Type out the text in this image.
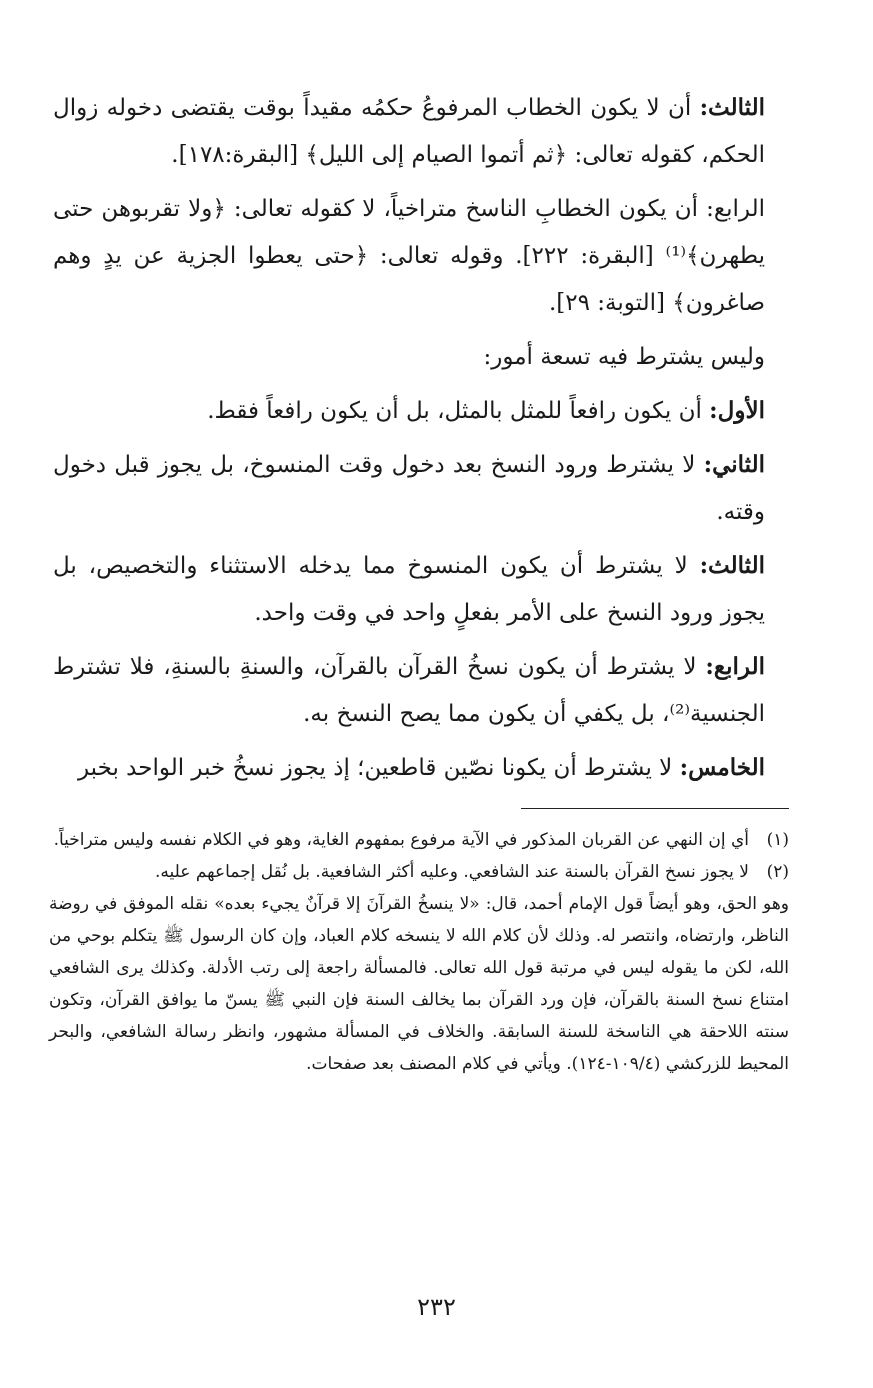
الثالث: أن لا يكون الخطاب المرفوعُ حكمُه مقيداً بوقت يقتضى دخوله زوال الحكم، كقوله تعالى: ﴿ثم أتموا الصيام إلى الليل﴾ [البقرة:١٧٨].

الرابع: أن يكون الخطابِ الناسخ متراخياً، لا كقوله تعالى: ﴿ولا تقربوهن حتى يطهرن﴾⁽¹⁾ [البقرة: ٢٢٢]. وقوله تعالى: ﴿حتى يعطوا الجزية عن يدٍ وهم صاغرون﴾ [التوبة: ٢٩].

وليس يشترط فيه تسعة أمور:

الأول: أن يكون رافعاً للمثل بالمثل، بل أن يكون رافعاً فقط.

الثاني: لا يشترط ورود النسخ بعد دخول وقت المنسوخ، بل يجوز قبل دخول وقته.

الثالث: لا يشترط أن يكون المنسوخ مما يدخله الاستثناء والتخصيص، بل يجوز ورود النسخ على الأمر بفعلٍ واحد في وقت واحد.

الرابع: لا يشترط أن يكون نسخُ القرآن بالقرآن، والسنةِ بالسنةِ، فلا تشترط الجنسية⁽²⁾، بل يكفي أن يكون مما يصح النسخ به.

الخامس: لا يشترط أن يكونا نصّين قاطعين؛ إذ يجوز نسخُ خبر الواحد بخبر

(١)
أي إن النهي عن القربان المذكور في الآية مرفوع بمفهوم الغاية، وهو في الكلام نفسه وليس متراخياً.
(٢)
لا يجوز نسخ القرآن بالسنة عند الشافعي. وعليه أكثر الشافعية. بل نُقل إجماعهم عليه.

وهو الحق، وهو أيضاً قول الإمام أحمد، قال: «لا ينسخُ القرآنَ إلا قرآنٌ يجيء بعده» نقله الموفق في روضة الناظر، وارتضاه، وانتصر له. وذلك لأن كلام الله لا ينسخه كلام العباد، وإن كان الرسول ﷺ يتكلم بوحي من الله، لكن ما يقوله ليس في مرتبة قول الله تعالى. فالمسألة راجعة إلى رتب الأدلة. وكذلك يرى الشافعي امتناع نسخ السنة بالقرآن، فإن ورد القرآن بما يخالف السنة فإن النبي ﷺ يسنّ ما يوافق القرآن، وتكون سنته اللاحقة هي الناسخة للسنة السابقة. والخلاف في المسألة مشهور، وانظر رسالة الشافعي، والبحر المحيط للزركشي (١٠٩/٤-١٢٤). ويأتي في كلام المصنف بعد صفحات.

٢٣٢
